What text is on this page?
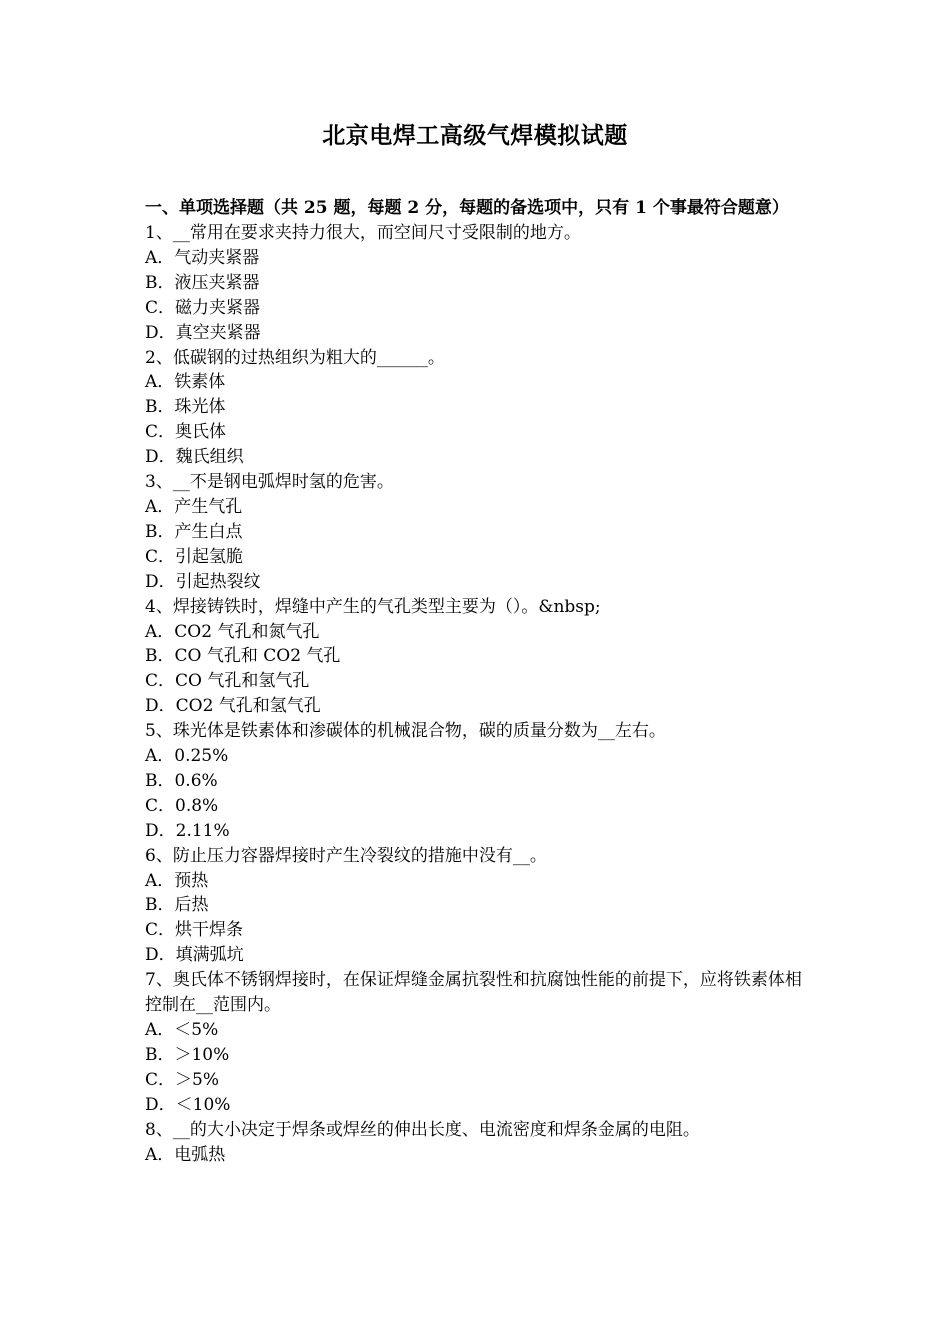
北京电焊工高级气焊模拟试题

一、单项选择题（共 25 题，每题 2 分，每题的备选项中，只有 1 个事最符合题意）

1、__常用在要求夹持力很大，而空间尺寸受限制的地方。

A．气动夹紧器

B．液压夹紧器

C．磁力夹紧器

D．真空夹紧器

2、低碳钢的过热组织为粗大的______。

A．铁素体

B．珠光体

C．奥氏体

D．魏氏组织

3、__不是钢电弧焊时氢的危害。

A．产生气孔

B．产生白点

C．引起氢脆

D．引起热裂纹

4、焊接铸铁时，焊缝中产生的气孔类型主要为（）。&nbsp;

A．CO2 气孔和氮气孔

B．CO 气孔和 CO2 气孔

C．CO 气孔和氢气孔

D．CO2 气孔和氢气孔

5、珠光体是铁素体和渗碳体的机械混合物，碳的质量分数为__左右。

A．0.25%

B．0.6%

C．0.8%

D．2.11%

6、防止压力容器焊接时产生冷裂纹的措施中没有__。

A．预热

B．后热

C．烘干焊条

D．填满弧坑

7、奥氏体不锈钢焊接时，在保证焊缝金属抗裂性和抗腐蚀性能的前提下，应将铁素体相控制在__范围内。

A．＜5%

B．＞10%

C．＞5%

D．＜10%

8、__的大小决定于焊条或焊丝的伸出长度、电流密度和焊条金属的电阻。

A．电弧热
